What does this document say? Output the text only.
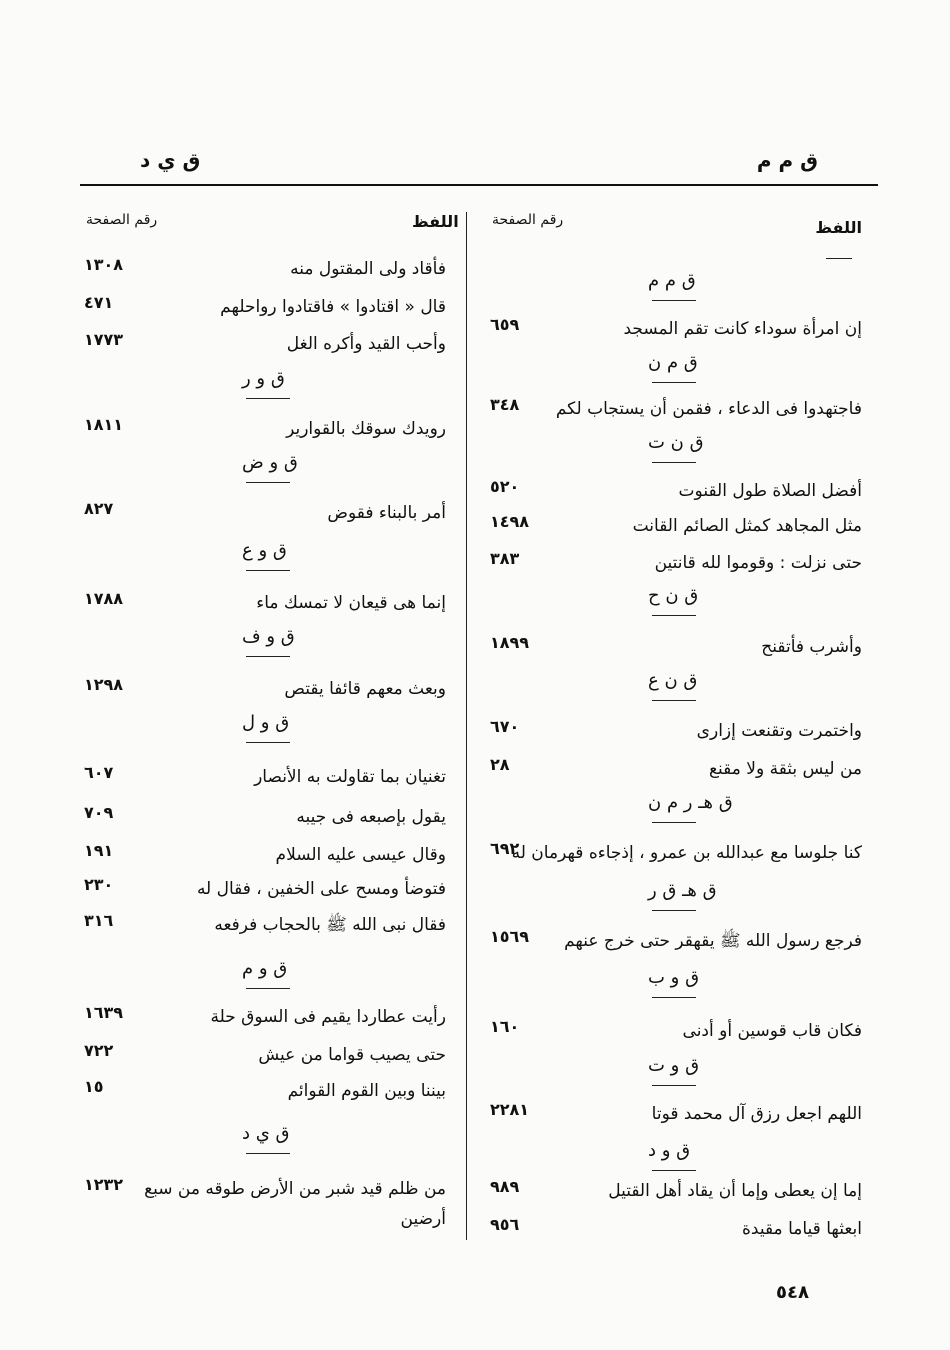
ق م م
ق ي د
اللفظ
رقم الصفحة
اللفظ
رقم الصفحة
ق م م
إن امرأة سوداء كانت تقم المسجد
٦٥٩
ق م ن
فاجتهدوا فى الدعاء ، فقمن أن يستجاب لكم
٣٤٨
ق ن ت
أفضل الصلاة طول القنوت
٥٢٠
مثل المجاهد كمثل الصائم القانت
١٤٩٨
حتى نزلت : وقوموا لله قانتين
٣٨٣
ق ن ح
وأشرب فأتقنح
١٨٩٩
ق ن ع
واختمرت وتقنعت إزارى
٦٧٠
من ليس بثقة ولا مقنع
٢٨
ق هـ ر م ن
كنا جلوسا مع عبدالله بن عمرو ، إذجاءه قهرمان له
٦٩٢
ق هـ ق ر
فرجع رسول الله ﷺ يقهقر حتى خرج عنهم
١٥٦٩
ق و ب
فكان قاب قوسين أو أدنى
١٦٠
ق و ت
اللهم اجعل رزق آل محمد قوتا
٢٢٨١
ق و د
إما إن يعطى وإما أن يقاد أهل القتيل
٩٨٩
ابعثها قياما مقيدة
٩٥٦
فأقاد ولى المقتول منه
١٣٠٨
قال « اقتادوا » فاقتادوا رواحلهم
٤٧١
وأحب القيد وأكره الغل
١٧٧٣
ق و ر
رويدك سوقك بالقوارير
١٨١١
ق و ض
أمر بالبناء فقوض
٨٢٧
ق و ع
إنما هى قيعان لا تمسك ماء
١٧٨٨
ق و ف
وبعث معهم قائفا يقتص
١٢٩٨
ق و ل
تغنيان بما تقاولت به الأنصار
٦٠٧
يقول بإصبعه فى جيبه
٧٠٩
وقال عيسى عليه السلام
١٩١
فتوضأ ومسح على الخفين ، فقال له
٢٣٠
فقال نبى الله ﷺ بالحجاب فرفعه
٣١٦
ق و م
رأيت عطاردا يقيم فى السوق حلة
١٦٣٩
حتى يصيب قواما من عيش
٧٢٢
بيننا وبين القوم القوائم
١٥
ق ي د
من ظلم قيد شبر من الأرض طوقه من سبع
١٢٣٢
أرضين
٥٤٨
